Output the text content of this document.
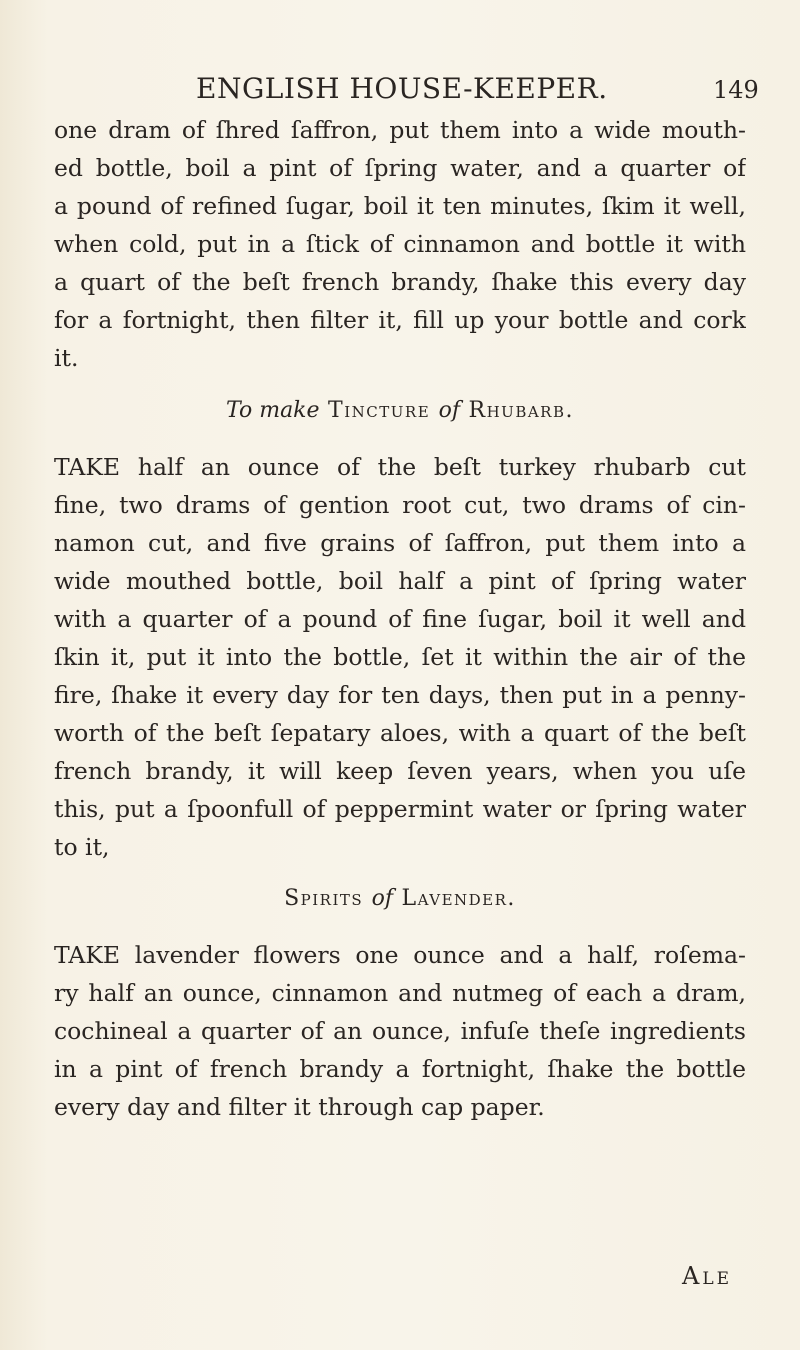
ENGLISH HOUSE-KEEPER.	149
one dram of ſhred ſaffron, put them into a wide mouth-
ed bottle, boil a pint of ſpring water, and a quarter of
a pound of refined ſugar, boil it ten minutes, ſkim it well,
when cold, put in a ſtick of cinnamon and bottle it with
a quart of the beſt french brandy, ſhake this every day
for a fortnight, then filter it, fill up your bottle and cork
it.
To make Tincture of Rhubarb.
TAKE half an ounce of the beſt turkey rhubarb cut
fine, two drams of gention root cut, two drams of cin-
namon cut, and five grains of ſaffron, put them into a
wide mouthed bottle, boil half a pint of ſpring water
with a quarter of a pound of fine ſugar, boil it well and
ſkin it, put it into the bottle, ſet it within the air of the
fire, ſhake it every day for ten days, then put in a penny-
worth of the beſt ſepatary aloes, with a quart of the beſt
french brandy, it will keep ſeven years, when you uſe
this, put a ſpoonfull of peppermint water or ſpring water
to it,
Spirits of Lavender.
TAKE lavender flowers one ounce and a half, roſema-
ry half an ounce, cinnamon and nutmeg of each a dram,
cochineal a quarter of an ounce, infuſe theſe ingredients
in a pint of french brandy a fortnight, ſhake the bottle
every day and filter it through cap paper.
Ale
